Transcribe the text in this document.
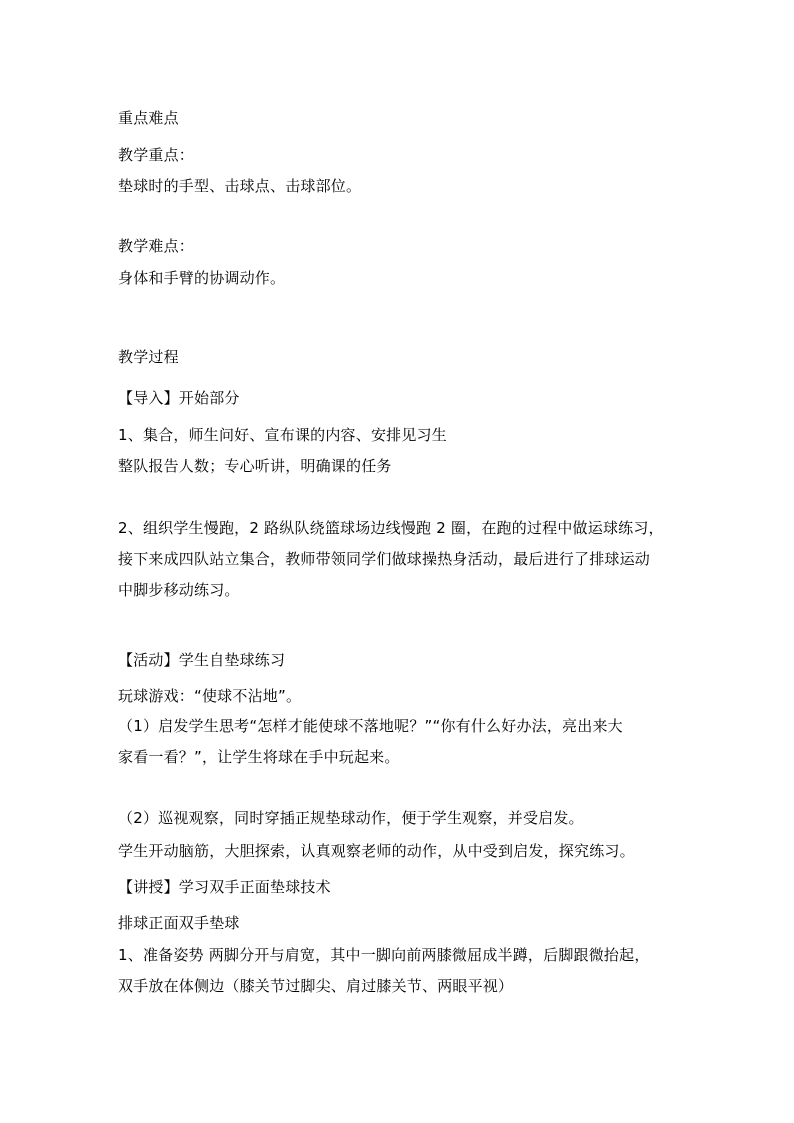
重点难点
教学重点：
垫球时的手型、击球点、击球部位。
教学难点：
身体和手臂的协调动作。
教学过程
【导入】开始部分
1、集合，师生问好、宣布课的内容、安排见习生
整队报告人数；专心听讲，明确课的任务
2、组织学生慢跑，2 路纵队绕篮球场边线慢跑 2 圈，在跑的过程中做运球练习，
接下来成四队站立集合，教师带领同学们做球操热身活动，最后进行了排球运动
中脚步移动练习。
【活动】学生自垫球练习
玩球游戏：“使球不沾地”。
（1）启发学生思考“怎样才能使球不落地呢？”“你有什么好办法，亮出来大
家看一看？”，让学生将球在手中玩起来。
（2）巡视观察，同时穿插正规垫球动作，便于学生观察，并受启发。
学生开动脑筋，大胆探索，认真观察老师的动作，从中受到启发，探究练习。
【讲授】学习双手正面垫球技术
排球正面双手垫球
1、准备姿势 两脚分开与肩宽，其中一脚向前两膝微屈成半蹲，后脚跟微抬起，
双手放在体侧边（膝关节过脚尖、肩过膝关节、两眼平视）
